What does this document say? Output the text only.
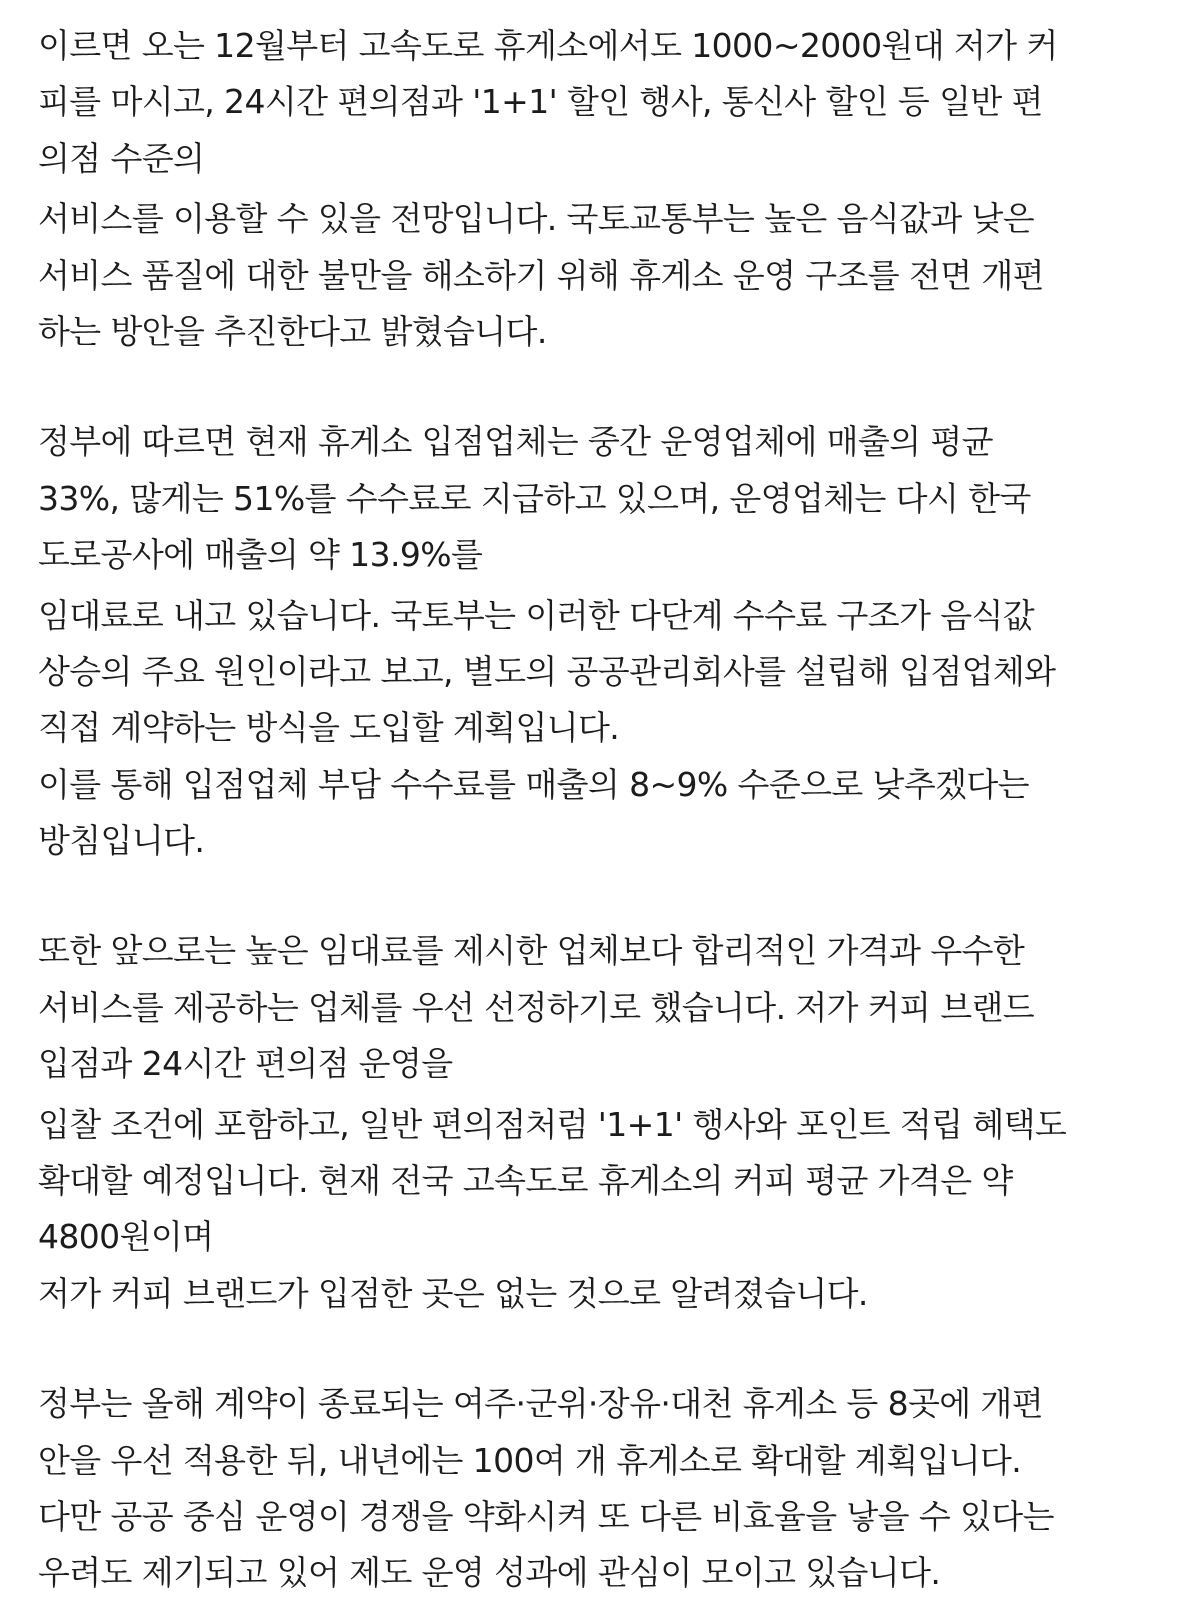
이르면 오는 12월부터 고속도로 휴게소에서도 1000~2000원대 저가 커
피를 마시고, 24시간 편의점과 '1+1' 할인 행사, 통신사 할인 등 일반 편
의점 수준의
서비스를 이용할 수 있을 전망입니다. 국토교통부는 높은 음식값과 낮은
서비스 품질에 대한 불만을 해소하기 위해 휴게소 운영 구조를 전면 개편
하는 방안을 추진한다고 밝혔습니다.
정부에 따르면 현재 휴게소 입점업체는 중간 운영업체에 매출의 평균
33%, 많게는 51%를 수수료로 지급하고 있으며, 운영업체는 다시 한국
도로공사에 매출의 약 13.9%를
임대료로 내고 있습니다. 국토부는 이러한 다단계 수수료 구조가 음식값
상승의 주요 원인이라고 보고, 별도의 공공관리회사를 설립해 입점업체와
직접 계약하는 방식을 도입할 계획입니다.
이를 통해 입점업체 부담 수수료를 매출의 8~9% 수준으로 낮추겠다는
방침입니다.
또한 앞으로는 높은 임대료를 제시한 업체보다 합리적인 가격과 우수한
서비스를 제공하는 업체를 우선 선정하기로 했습니다. 저가 커피 브랜드
입점과 24시간 편의점 운영을
입찰 조건에 포함하고, 일반 편의점처럼 '1+1' 행사와 포인트 적립 혜택도
확대할 예정입니다. 현재 전국 고속도로 휴게소의 커피 평균 가격은 약
4800원이며
저가 커피 브랜드가 입점한 곳은 없는 것으로 알려졌습니다.
정부는 올해 계약이 종료되는 여주·군위·장유·대천 휴게소 등 8곳에 개편
안을 우선 적용한 뒤, 내년에는 100여 개 휴게소로 확대할 계획입니다.
다만 공공 중심 운영이 경쟁을 약화시켜 또 다른 비효율을 낳을 수 있다는
우려도 제기되고 있어 제도 운영 성과에 관심이 모이고 있습니다.
